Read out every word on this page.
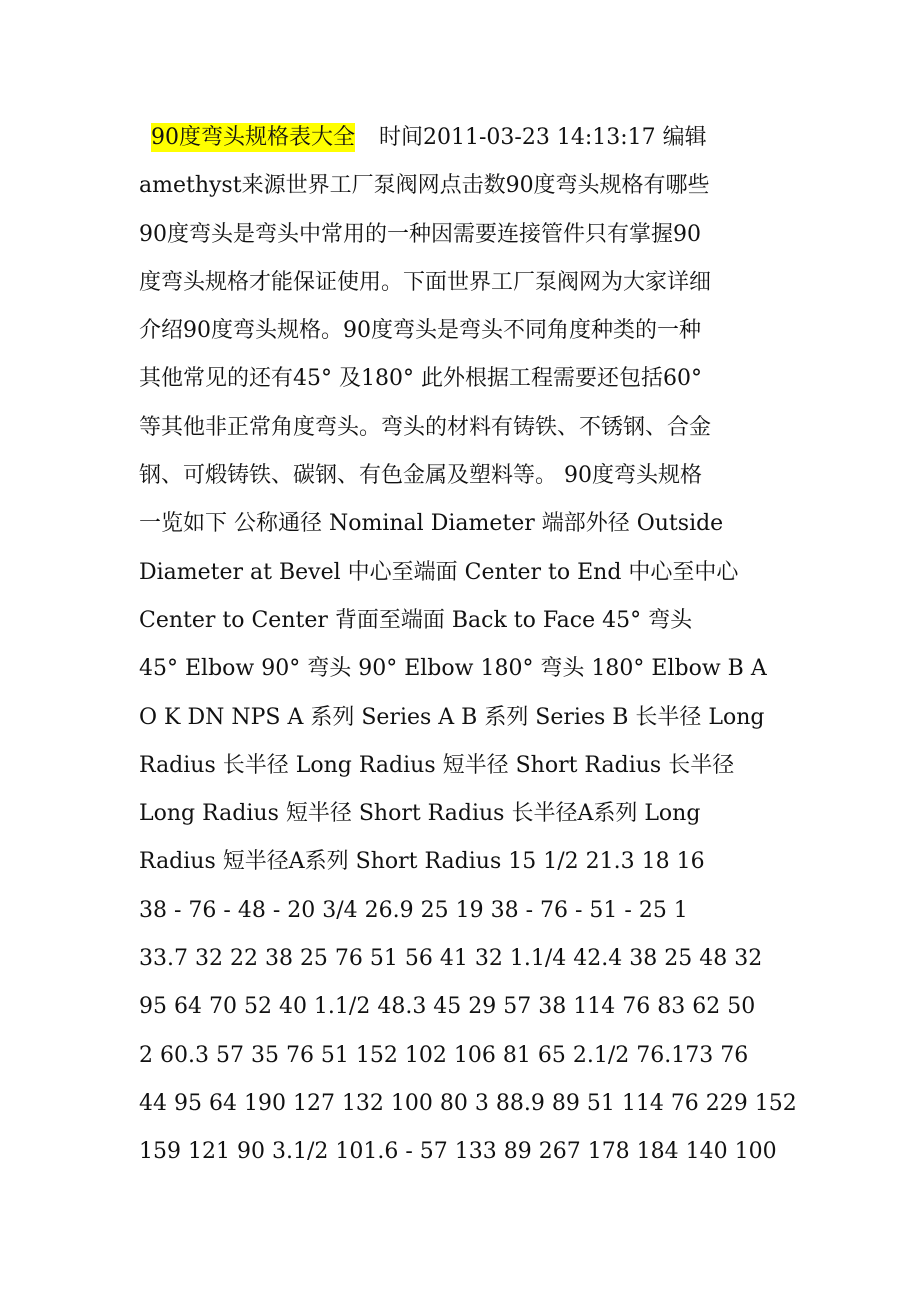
90度弯头规格表大全 时间2011-03-23 14:13:17 编辑
amethyst来源世界工厂泵阀网点击数90度弯头规格有哪些
90度弯头是弯头中常用的一种因需要连接管件只有掌握90
度弯头规格才能保证使用。下面世界工厂泵阀网为大家详细
介绍90度弯头规格。90度弯头是弯头不同角度种类的一种
其他常见的还有45° 及180° 此外根据工程需要还包括60°
等其他非正常角度弯头。弯头的材料有铸铁、不锈钢、合金
钢、可煅铸铁、碳钢、有色金属及塑料等。 90度弯头规格
一览如下 公称通径 Nominal Diameter 端部外径 Outside
Diameter at Bevel 中心至端面 Center to End 中心至中心
Center to Center 背面至端面 Back to Face 45° 弯头
45° Elbow 90° 弯头 90° Elbow 180° 弯头 180° Elbow B A
O K DN NPS A 系列 Series A B 系列 Series B 长半径 Long
Radius 长半径 Long Radius 短半径 Short Radius 长半径
Long Radius 短半径 Short Radius 长半径A系列 Long
Radius 短半径A系列 Short Radius 15 1/2 21.3 18 16
38 - 76 - 48 - 20 3/4 26.9 25 19 38 - 76 - 51 - 25 1
33.7 32 22 38 25 76 51 56 41 32 1.1/4 42.4 38 25 48 32
95 64 70 52 40 1.1/2 48.3 45 29 57 38 114 76 83 62 50
2 60.3 57 35 76 51 152 102 106 81 65 2.1/2 76.173 76
44 95 64 190 127 132 100 80 3 88.9 89 51 114 76 229 152
159 121 90 3.1/2 101.6 - 57 133 89 267 178 184 140 100
